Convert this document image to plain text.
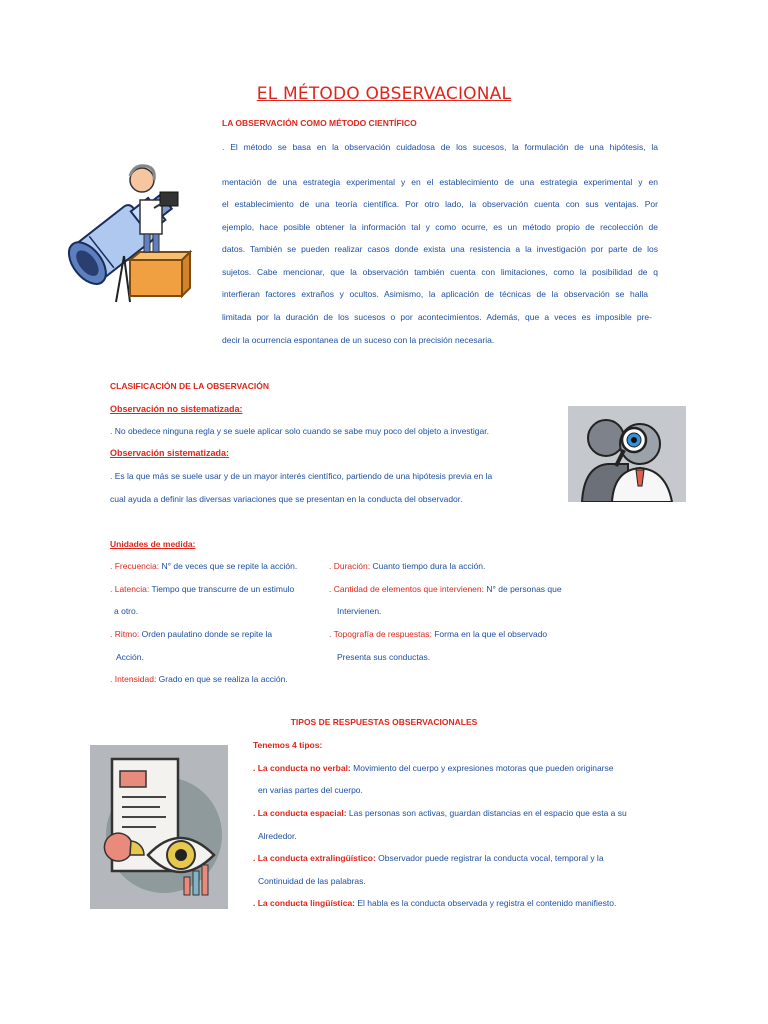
EL MÉTODO OBSERVACIONAL
LA OBSERVACIÓN COMO MÉTODO CIENTÍFICO
. El método se basa en la observación cuidadosa de los sucesos, la formulación de una hipótesis, la
mentación de una estrategia experimental y en el establecimiento de una estrategia experimental y en
el establecimiento de una teoría científica. Por otro lado, la observación cuenta con sus ventajas. Por
ejemplo, hace posible obtener la información tal y como ocurre, es un método propio de recolección de
datos. También se pueden realizar casos donde exista una resistencia a la investigación por parte de los
sujetos. Cabe mencionar, que la observación también cuenta con limitaciones, como la posibilidad de q
interfieran factores extraños y ocultos. Asimismo, la aplicación de técnicas de la observación se halla
limitada por la duración de los sucesos o por acontecimientos. Además, que a veces es imposible pre-
decir la ocurrencia espontanea de un suceso con la precisión necesaria.
CLASIFICACIÓN DE LA OBSERVACIÓN
Observación no sistematizada:
. No obedece ninguna regla y se suele aplicar solo cuando se sabe muy poco del objeto a investigar.
Observación sistematizada:
. Es la que más se suele usar y de un mayor interés científico, partiendo de una hipótesis previa en la
cual ayuda a definir las diversas variaciones que se presentan en la conducta del observador.
Unidades de medida:
. Frecuencia: N° de veces que se repite la acción.
. Latencia: Tiempo que transcurre de un estimulo
a otro.
. Ritmo: Orden paulatino donde se repite la
Acción.
. Intensidad: Grado en que se realiza la acción.
. Duración: Cuanto tiempo dura la acción.
. Cantidad de elementos que intervienen: N° de personas que
Intervienen.
. Topografía de respuestas: Forma en la que el observado
Presenta sus conductas.
TIPOS DE RESPUESTAS OBSERVACIONALES
Tenemos 4 tipos:
. La conducta no verbal: Movimiento del cuerpo y expresiones motoras que pueden originarse
en varias partes del cuerpo.
. La conducta espacial: Las personas son activas, guardan distancias en el espacio que esta a su
Alrededor.
. La conducta extralingüístico: Observador puede registrar la conducta vocal, temporal y la
Continuidad de las palabras.
. La conducta lingüística: El habla es la conducta observada y registra el contenido manifiesto.
